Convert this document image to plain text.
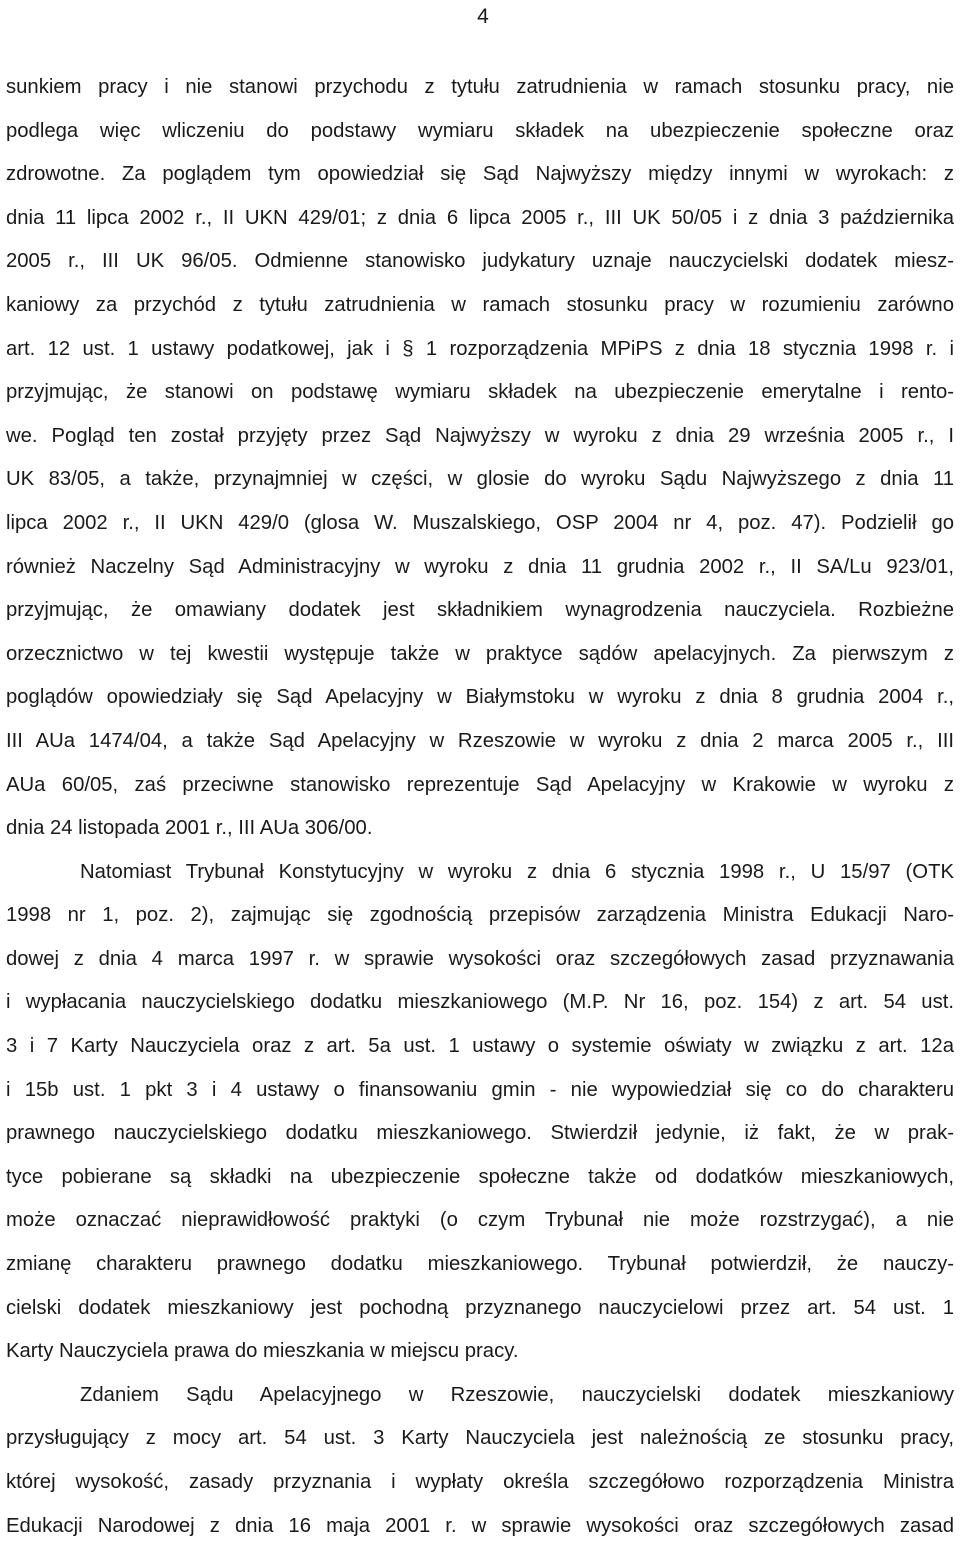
4
sunkiem pracy i nie stanowi przychodu z tytułu zatrudnienia w ramach stosunku pracy, nie
podlega więc wliczeniu do podstawy wymiaru składek na ubezpieczenie społeczne oraz
zdrowotne. Za poglądem tym opowiedział się Sąd Najwyższy między innymi w wyrokach: z
dnia 11 lipca 2002 r., II UKN 429/01; z dnia 6 lipca 2005 r., III UK 50/05 i z dnia 3 października
2005 r., III UK 96/05. Odmienne stanowisko judykatury uznaje nauczycielski dodatek miesz-
kaniowy za przychód z tytułu zatrudnienia w ramach stosunku pracy w rozumieniu zarówno
art. 12 ust. 1 ustawy podatkowej, jak i § 1 rozporządzenia MPiPS z dnia 18 stycznia 1998 r. i
przyjmując, że stanowi on podstawę wymiaru składek na ubezpieczenie emerytalne i rento-
we. Pogląd ten został przyjęty przez Sąd Najwyższy w wyroku z dnia 29 września 2005 r., I
UK 83/05, a także, przynajmniej w części, w glosie do wyroku Sądu Najwyższego z dnia 11
lipca 2002 r., II UKN 429/0 (glosa W. Muszalskiego, OSP 2004 nr 4, poz. 47). Podzielił go
również Naczelny Sąd Administracyjny w wyroku z dnia 11 grudnia 2002 r., II SA/Lu 923/01,
przyjmując, że omawiany dodatek jest składnikiem wynagrodzenia nauczyciela. Rozbieżne
orzecznictwo w tej kwestii występuje także w praktyce sądów apelacyjnych. Za pierwszym z
poglądów opowiedziały się Sąd Apelacyjny w Białymstoku w wyroku z dnia 8 grudnia 2004 r.,
III AUa 1474/04, a także Sąd Apelacyjny w Rzeszowie w wyroku z dnia 2 marca 2005 r., III
AUa 60/05, zaś przeciwne stanowisko reprezentuje Sąd Apelacyjny w Krakowie w wyroku z
dnia 24 listopada 2001 r., III AUa 306/00.
Natomiast Trybunał Konstytucyjny w wyroku z dnia 6 stycznia 1998 r., U 15/97 (OTK
1998 nr 1, poz. 2), zajmując się zgodnością przepisów zarządzenia Ministra Edukacji Naro-
dowej z dnia 4 marca 1997 r. w sprawie wysokości oraz szczegółowych zasad przyznawania
i wypłacania nauczycielskiego dodatku mieszkaniowego (M.P. Nr 16, poz. 154) z art. 54 ust.
3 i 7 Karty Nauczyciela oraz z art. 5a ust. 1 ustawy o systemie oświaty w związku z art. 12a
i 15b ust. 1 pkt 3 i 4 ustawy o finansowaniu gmin - nie wypowiedział się co do charakteru
prawnego nauczycielskiego dodatku mieszkaniowego. Stwierdził jedynie, iż fakt, że w prak-
tyce pobierane są składki na ubezpieczenie społeczne także od dodatków mieszkaniowych,
może oznaczać nieprawidłowość praktyki (o czym Trybunał nie może rozstrzygać), a nie
zmianę charakteru prawnego dodatku mieszkaniowego. Trybunał potwierdził, że nauczy-
cielski dodatek mieszkaniowy jest pochodną przyznanego nauczycielowi przez art. 54 ust. 1
Karty Nauczyciela prawa do mieszkania w miejscu pracy.
Zdaniem Sądu Apelacyjnego w Rzeszowie, nauczycielski dodatek mieszkaniowy
przysługujący z mocy art. 54 ust. 3 Karty Nauczyciela jest należnością ze stosunku pracy,
której wysokość, zasady przyznania i wypłaty określa szczegółowo rozporządzenia Ministra
Edukacji Narodowej z dnia 16 maja 2001 r. w sprawie wysokości oraz szczegółowych zasad
